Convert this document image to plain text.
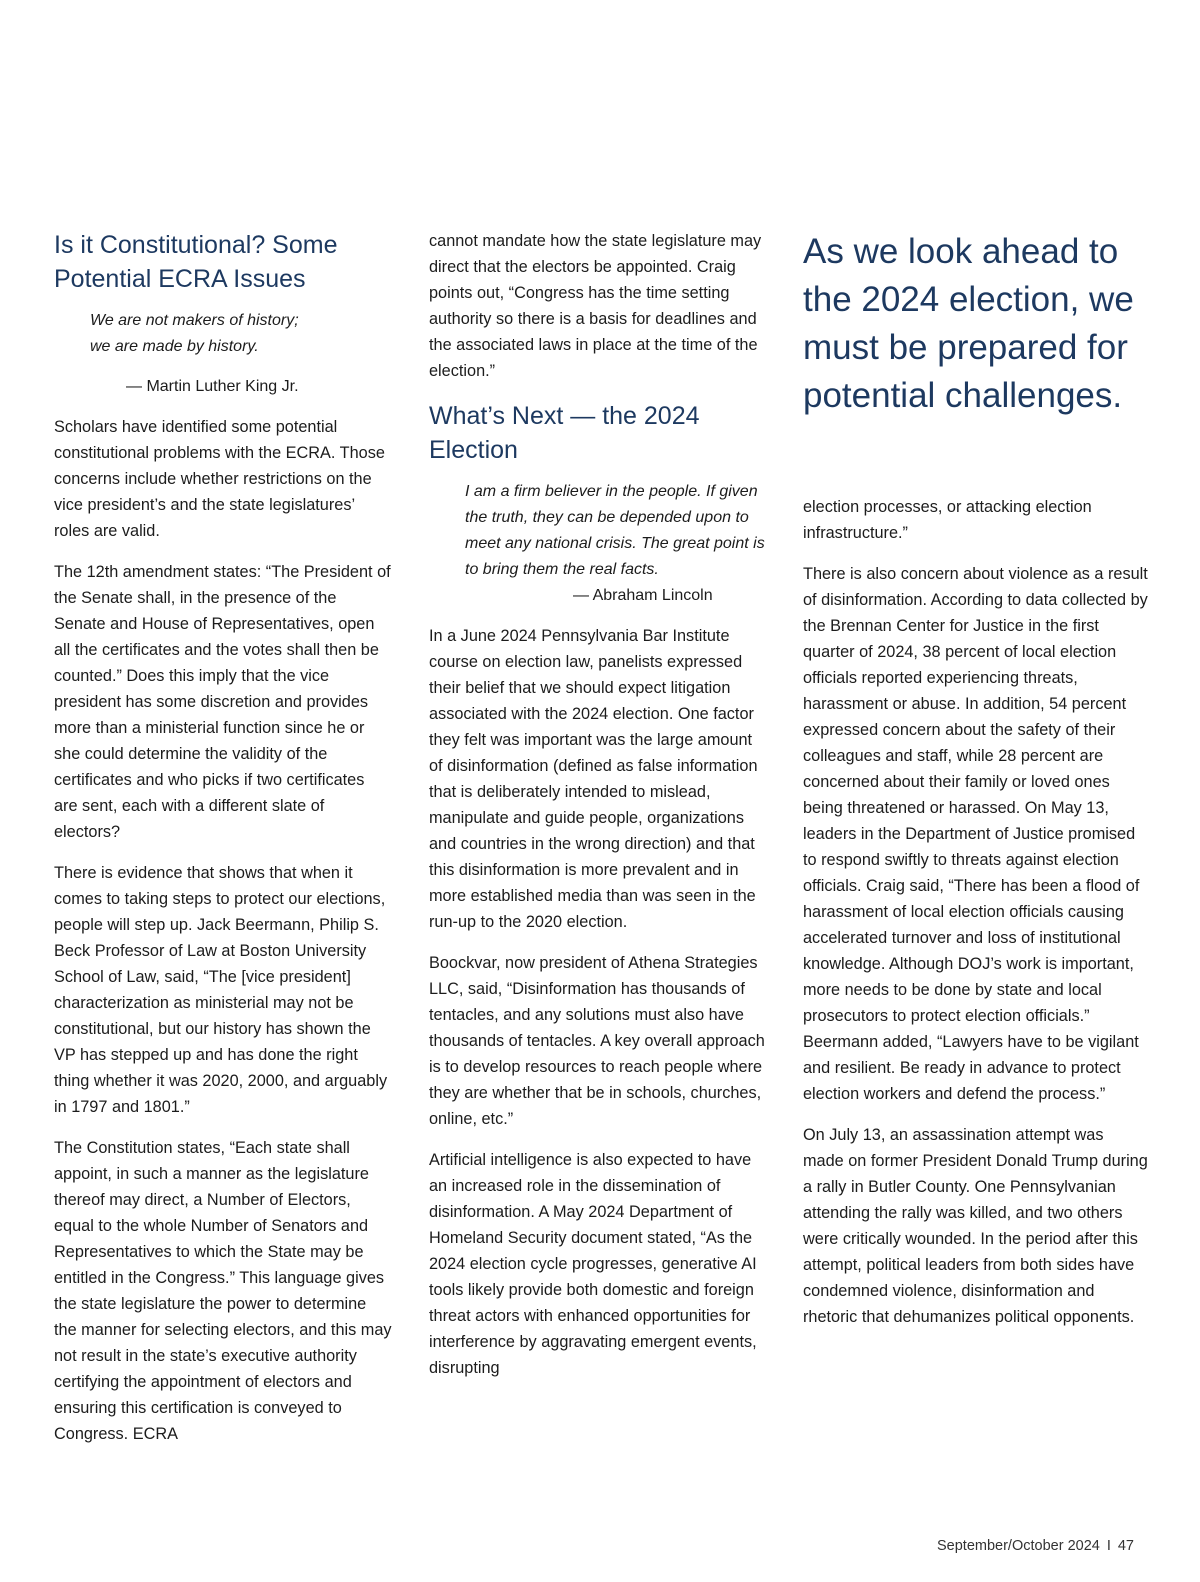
Is it Constitutional? Some Potential ECRA Issues

We are not makers of history;

we are made by history.

— Martin Luther King Jr.

Scholars have identified some potential constitutional problems with the ECRA. Those concerns include whether restrictions on the vice president’s and the state legislatures’ roles are valid.

The 12th amendment states: “The President of the Senate shall, in the presence of the Senate and House of Representatives, open all the certificates and the votes shall then be counted.” Does this imply that the vice president has some discretion and provides more than a ministerial function since he or she could determine the validity of the certificates and who picks if two certificates are sent, each with a different slate of electors?

There is evidence that shows that when it comes to taking steps to protect our elections, people will step up. Jack Beermann, Philip S. Beck Professor of Law at Boston University School of Law, said, “The [vice president] characterization as ministerial may not be constitutional, but our history has shown the VP has stepped up and has done the right thing whether it was 2020, 2000, and arguably in 1797 and 1801.”

The Constitution states, “Each state shall appoint, in such a manner as the legislature thereof may direct, a Number of Electors, equal to the whole Number of Senators and Representatives to which the State may be entitled in the Congress.” This language gives the state legislature the power to determine the manner for selecting electors, and this may not result in the state’s executive authority certifying the appointment of electors and ensuring this certification is conveyed to Congress. ECRA

cannot mandate how the state legislature may direct that the electors be appointed. Craig points out, “Congress has the time setting authority so there is a basis for deadlines and the associated laws in place at the time of the election.”

What’s Next — the 2024 Election

I am a firm believer in the people. If given the truth, they can be depended upon to meet any national crisis. The great point is to bring them the real facts.

— Abraham Lincoln

In a June 2024 Pennsylvania Bar Institute course on election law, panelists expressed their belief that we should expect litigation associated with the 2024 election. One factor they felt was important was the large amount of disinformation (defined as false information that is deliberately intended to mislead, manipulate and guide people, organizations and countries in the wrong direction) and that this disinformation is more prevalent and in more established media than was seen in the run-up to the 2020 election.

Boockvar, now president of Athena Strategies LLC, said, “Disinformation has thousands of tentacles, and any solutions must also have thousands of tentacles. A key overall approach is to develop resources to reach people where they are whether that be in schools, churches, online, etc.”

Artificial intelligence is also expected to have an increased role in the dissemination of disinformation. A May 2024 Department of Homeland Security document stated, “As the 2024 election cycle progresses, generative AI tools likely provide both domestic and foreign threat actors with enhanced opportunities for interference by aggravating emergent events, disrupting

As we look ahead to the 2024 election, we must be prepared for potential challenges.

election processes, or attacking election infrastructure.”

There is also concern about violence as a result of disinformation. According to data collected by the Brennan Center for Justice in the first quarter of 2024, 38 percent of local election officials reported experiencing threats, harassment or abuse. In addition, 54 percent expressed concern about the safety of their colleagues and staff, while 28 percent are concerned about their family or loved ones being threatened or harassed. On May 13, leaders in the Department of Justice promised to respond swiftly to threats against election officials. Craig said, “There has been a flood of harassment of local election officials causing accelerated turnover and loss of institutional knowledge. Although DOJ’s work is important, more needs to be done by state and local prosecutors to protect election officials.” Beermann added, “Lawyers have to be vigilant and resilient. Be ready in advance to protect election workers and defend the process.”

On July 13, an assassination attempt was made on former President Donald Trump during a rally in Butler County. One Pennsylvanian attending the rally was killed, and two others were critically wounded. In the period after this attempt, political leaders from both sides have condemned violence, disinformation and rhetoric that dehumanizes political opponents.

September/October 2024 I 47
